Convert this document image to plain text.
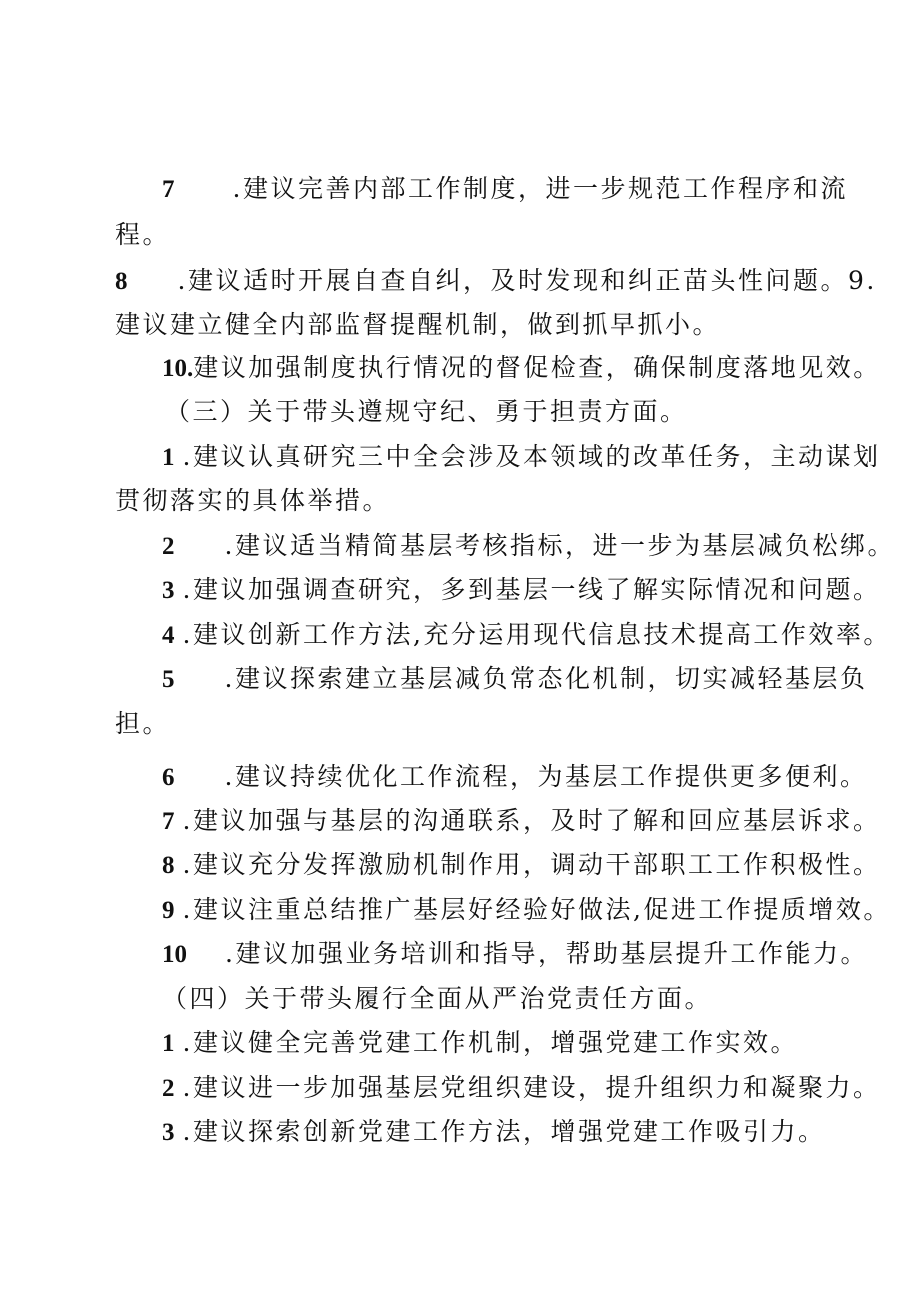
7 .建议完善内部工作制度，进一步规范工作程序和流
程。
8 .建议适时开展自查自纠，及时发现和纠正苗头性问题。9.
建议建立健全内部监督提醒机制，做到抓早抓小。
10.建议加强制度执行情况的督促检查，确保制度落地见效。
（三）关于带头遵规守纪、勇于担责方面。
1 .建议认真研究三中全会涉及本领域的改革任务，主动谋划
贯彻落实的具体举措。
2 .建议适当精简基层考核指标，进一步为基层减负松绑。
3 .建议加强调查研究，多到基层一线了解实际情况和问题。
4 .建议创新工作方法,充分运用现代信息技术提高工作效率。
5 .建议探索建立基层减负常态化机制，切实减轻基层负
担。
6 .建议持续优化工作流程，为基层工作提供更多便利。
7 .建议加强与基层的沟通联系，及时了解和回应基层诉求。
8 .建议充分发挥激励机制作用，调动干部职工工作积极性。
9 .建议注重总结推广基层好经验好做法,促进工作提质增效。
10 .建议加强业务培训和指导，帮助基层提升工作能力。
（四）关于带头履行全面从严治党责任方面。
1 .建议健全完善党建工作机制，增强党建工作实效。
2 .建议进一步加强基层党组织建设，提升组织力和凝聚力。
3 .建议探索创新党建工作方法，增强党建工作吸引力。
